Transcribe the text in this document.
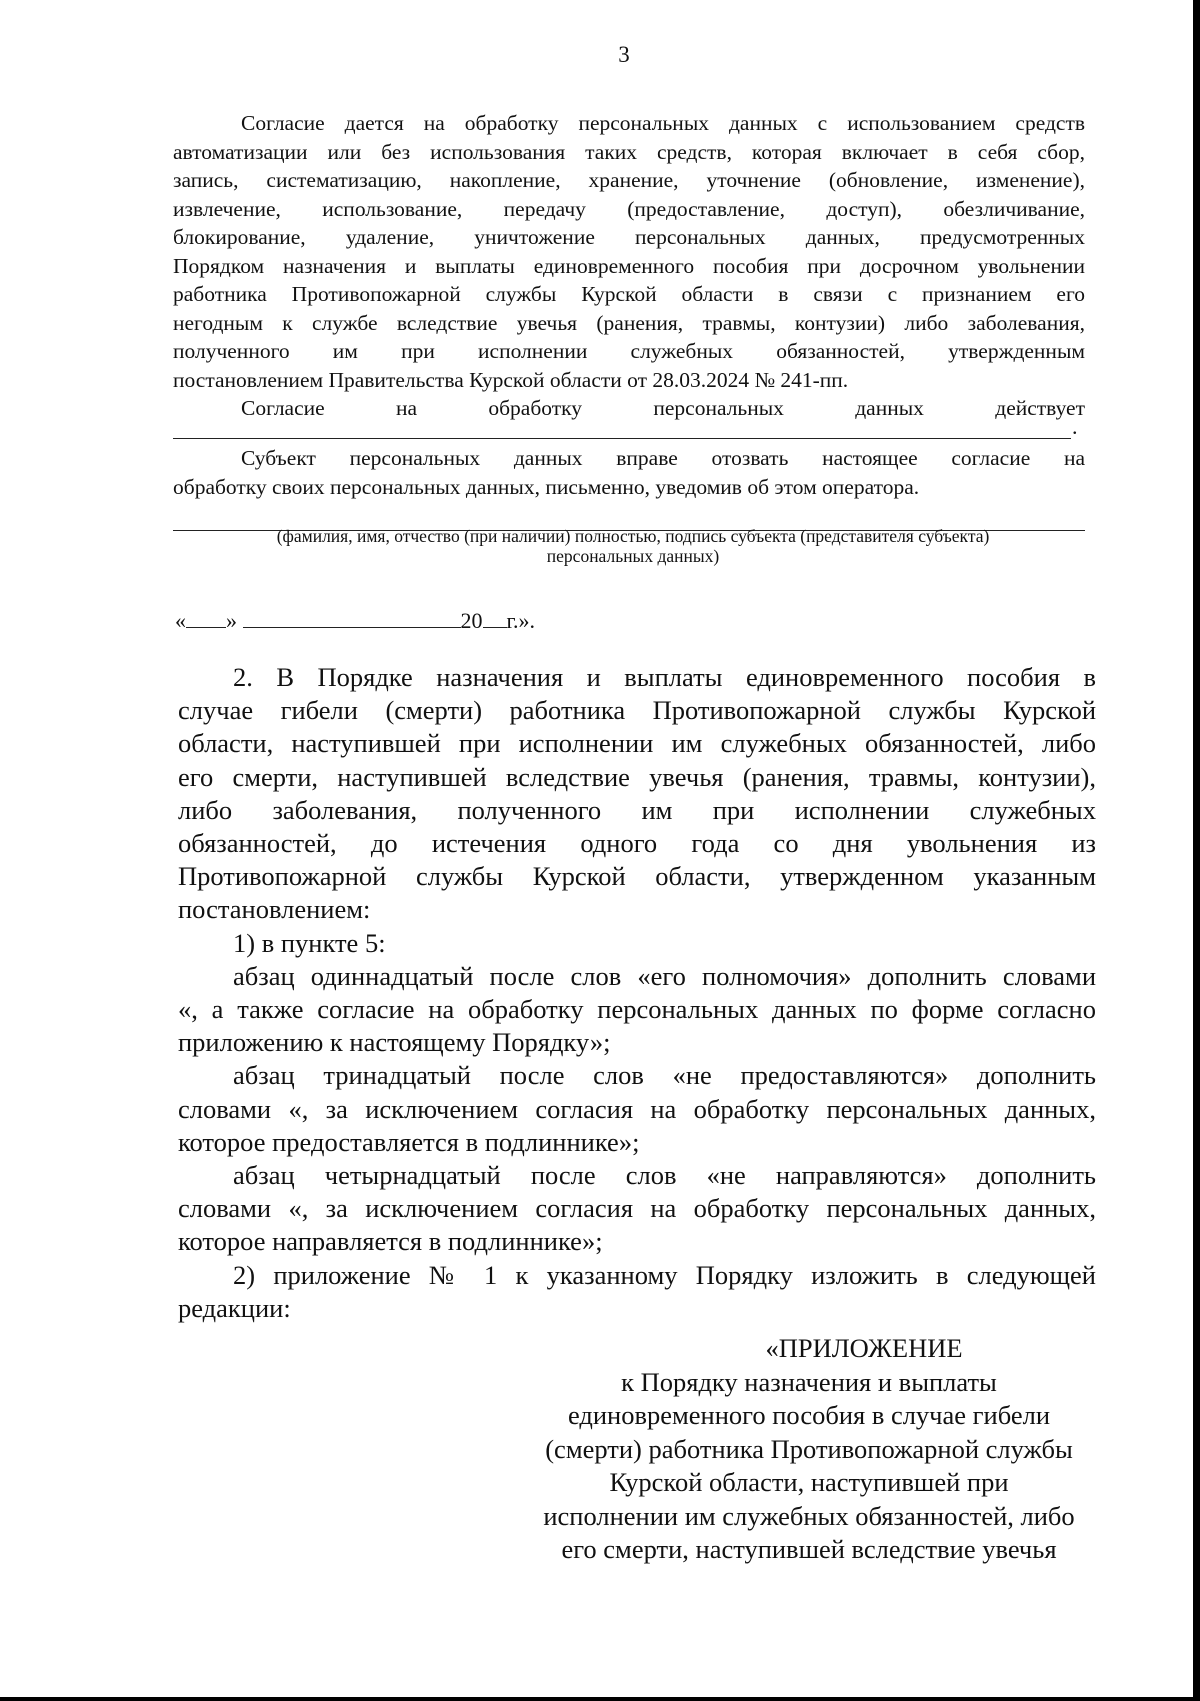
3

Согласие дается на обработку персональных данных с использованием средств

автоматизации или без использования таких средств, которая включает в себя сбор,

запись, систематизацию, накопление, хранение, уточнение (обновление, изменение),

извлечение, использование, передачу (предоставление, доступ), обезличивание,

блокирование, удаление, уничтожение персональных данных, предусмотренных

Порядком назначения и выплаты единовременного пособия при досрочном увольнении

работника Противопожарной службы Курской области в связи с признанием его

негодным к службе вследствие увечья (ранения, травмы, контузии) либо заболевания,

полученного им при исполнении служебных обязанностей, утвержденным

постановлением Правительства Курской области от 28.03.2024 № 241-пп.

Согласие на обработку персональных данных действует

.

Субъект персональных данных вправе отозвать настоящее согласие на

обработку своих персональных данных, письменно, уведомив об этом оператора.

(фамилия, имя, отчество (при наличии) полностью, подпись субъекта (представителя субъекта)
персональных данных)
« »	20 г.».

2. В Порядке назначения и выплаты единовременного пособия в

случае гибели (смерти) работника Противопожарной службы Курской

области, наступившей при исполнении им служебных обязанностей, либо

его смерти, наступившей вследствие увечья (ранения, травмы, контузии),

либо заболевания, полученного им при исполнении служебных

обязанностей, до истечения одного года со дня увольнения из

Противопожарной службы Курской области, утвержденном указанным

постановлением:

1) в пункте 5:

абзац одиннадцатый после слов «его полномочия» дополнить словами

«, а также согласие на обработку персональных данных по форме согласно

приложению к настоящему Порядку»;

абзац тринадцатый после слов «не предоставляются» дополнить

словами «, за исключением согласия на обработку персональных данных,

которое предоставляется в подлиннике»;

абзац четырнадцатый после слов «не направляются» дополнить

словами «, за исключением согласия на обработку персональных данных,

которое направляется в подлиннике»;

2) приложение № 1 к указанному Порядку изложить в следующей

редакции:

«ПРИЛОЖЕНИЕ
к Порядку назначения и выплаты
единовременного пособия в случае гибели
(смерти) работника Противопожарной службы
Курской области, наступившей при
исполнении им служебных обязанностей, либо
его смерти, наступившей вследствие увечья
